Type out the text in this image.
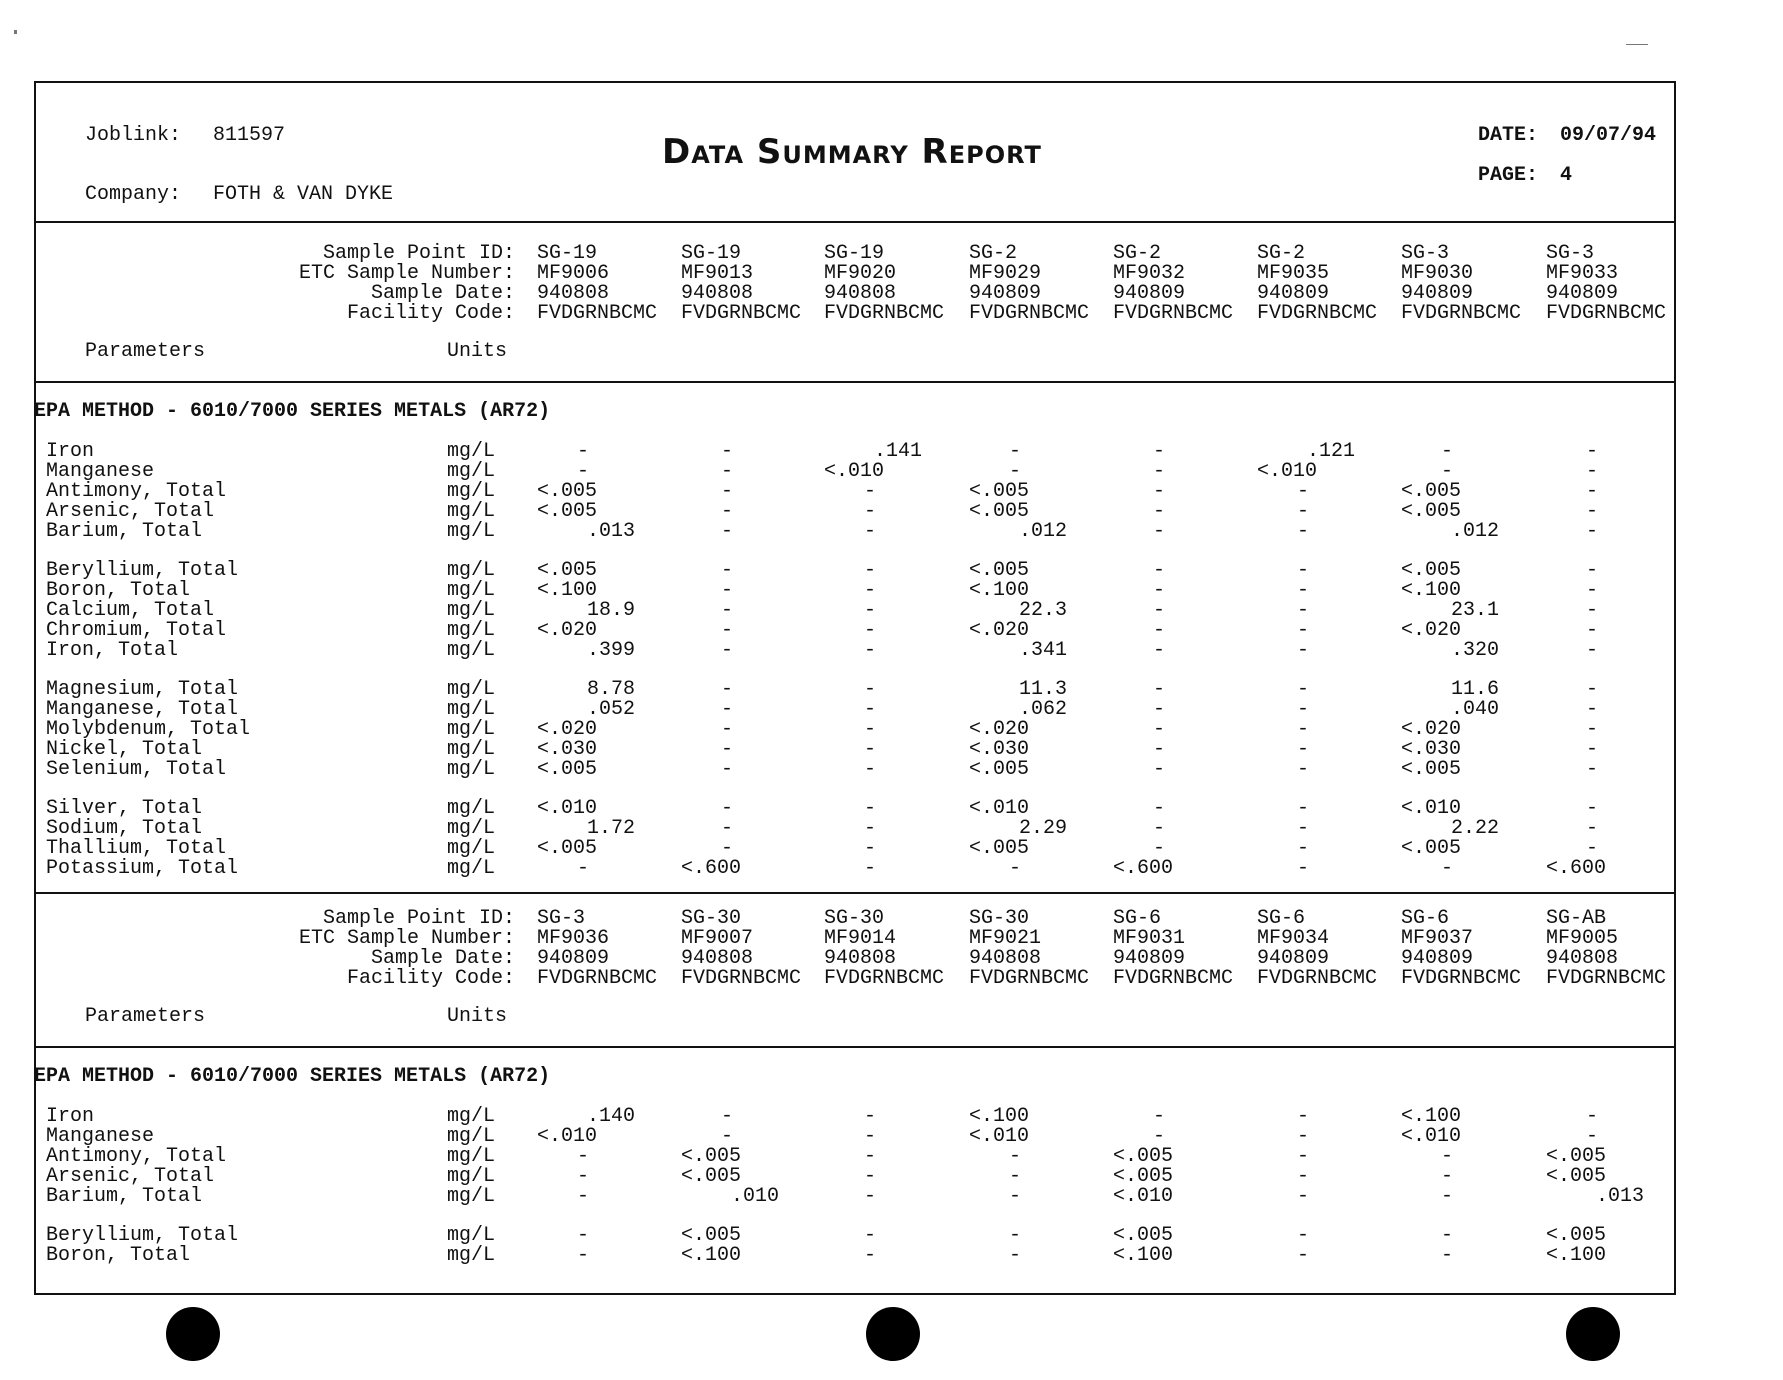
Joblink: 811597
Company: FOTH & VAN DYKE
Data Summary Report	DATE: 09/07/94
PAGE: 4
Sample Point ID: SG-19	SG-19	SG-19	SG-2	SG-2	SG-2	SG-3	SG-3
ETC Sample Number: MF9006	MF9013	MF9020	MF9029	MF9032	MF9035	MF9030	MF9033
Sample Date: 940808	940808	940808	940809	940809	940809	940809	940809
Facility Code: FVDGRNBCMC	FVDGRNBCMC	FVDGRNBCMC	FVDGRNBCMC	FVDGRNBCMC	FVDGRNBCMC	FVDGRNBCMC	FVDGRNBCMC
Parameters	Units
EPA METHOD - 6010/7000 SERIES METALS (AR72)
Iron	mg/L	-	-	.141	-	-	.121	-	-
Manganese	mg/L	-	-	<.010	-	-	<.010	-	-
Antimony, Total	mg/L <.005	-	-	<.005	-	-	<.005	-
Arsenic, Total	mg/L <.005	-	-	<.005	-	-	<.005	-
Barium, Total	mg/L	.013	-	-	.012	-	-	.012	-
Beryllium, Total	mg/L <.005	-	-	<.005	-	-	<.005	-
Boron, Total	mg/L <.100	-	-	<.100	-	-	<.100	-
Calcium, Total	mg/L	18.9	-	-	22.3	-	-	23.1	-
Chromium, Total	mg/L <.020	-	-	<.020	-	-	<.020	-
Iron, Total	mg/L	.399	-	-	.341	-	-	.320	-
Magnesium, Total	mg/L	8.78	-	-	11.3	-	-	11.6	-
Manganese, Total	mg/L	.052	-	-	.062	-	-	.040	-
Molybdenum, Total	mg/L <.020	-	-	<.020	-	-	<.020	-
Nickel, Total	mg/L <.030	-	-	<.030	-	-	<.030	-
Selenium, Total	mg/L <.005	-	-	<.005	-	-	<.005	-
Silver, Total	mg/L <.010	-	-	<.010	-	-	<.010	-
Sodium, Total	mg/L	1.72	-	-	2.29	-	-	2.22	-
Thallium, Total	mg/L <.005	-	-	<.005	-	-	<.005	-
Potassium, Total	mg/L	-	<.600	-	-	<.600	-	-	<.600
Sample Point ID: SG-3	SG-30	SG-30	SG-30	SG-6	SG-6	SG-6	SG-AB
ETC Sample Number: MF9036	MF9007	MF9014	MF9021	MF9031	MF9034	MF9037	MF9005
Sample Date: 940809	940808	940808	940808	940809	940809	940809	940808
Facility Code: FVDGRNBCMC	FVDGRNBCMC	FVDGRNBCMC	FVDGRNBCMC	FVDGRNBCMC	FVDGRNBCMC	FVDGRNBCMC	FVDGRNBCMC
Parameters	Units
EPA METHOD - 6010/7000 SERIES METALS (AR72)
Iron	mg/L	.140	-	-	<.100	-	-	<.100	-
Manganese	mg/L <.010	-	-	<.010	-	-	<.010	-
Antimony, Total	mg/L	-	<.005	-	-	<.005	-	-	<.005
Arsenic, Total	mg/L	-	<.005	-	-	<.005	-	-	<.005
Barium, Total	mg/L	-	.010	-	-	<.010	-	-	.013
Beryllium, Total	mg/L	-	<.005	-	-	<.005	-	-	<.005
Boron, Total	mg/L	-	<.100	-	-	<.100	-	-	<.100
